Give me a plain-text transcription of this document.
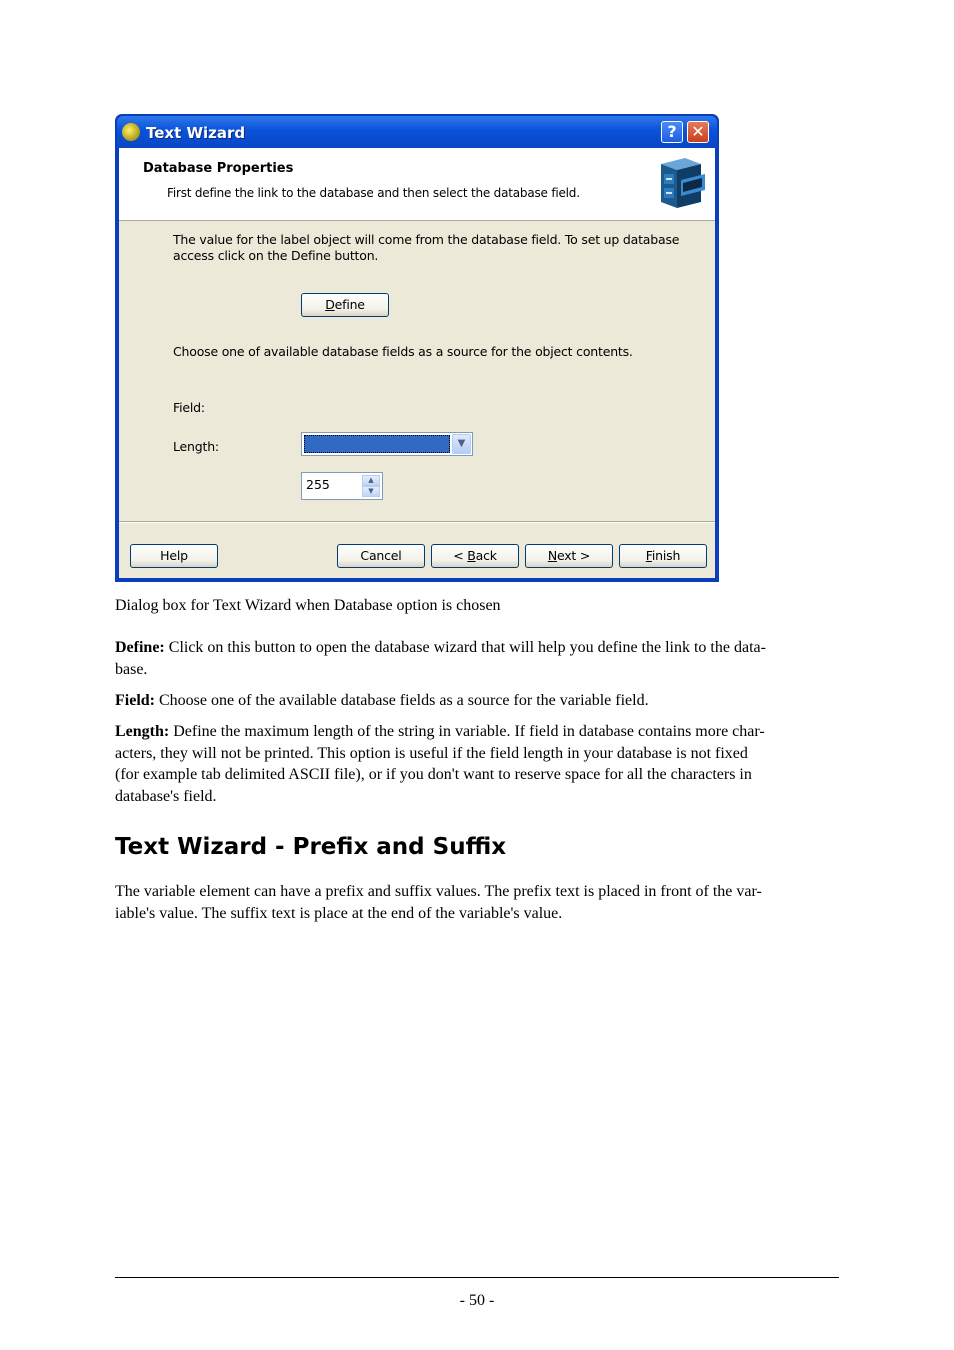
Text Wizard	? ✕
Database Properties
First define the link to the database and then select the database field.
The value for the label object will come from the database field. To set up database
access click on the Define button.
Define
Choose one of available database fields as a source for the object contents.
Field:
▼
Length:
255	▲
▼
Help	Cancel	< Back	Next >	Finish
Dialog box for Text Wizard when Database option is chosen
Define: Click on this button to open the database wizard that will help you define the link to the data-
base.
Field: Choose one of the available database fields as a source for the variable field.
Length: Define the maximum length of the string in variable. If field in database contains more char-
acters, they will not be printed. This option is useful if the field length in your database is not fixed
(for example tab delimited ASCII file), or if you don't want to reserve space for all the characters in
database's field.
Text Wizard - Prefix and Suffix
The variable element can have a prefix and suffix values. The prefix text is placed in front of the var-
iable's value. The suffix text is place at the end of the variable's value.
- 50 -
